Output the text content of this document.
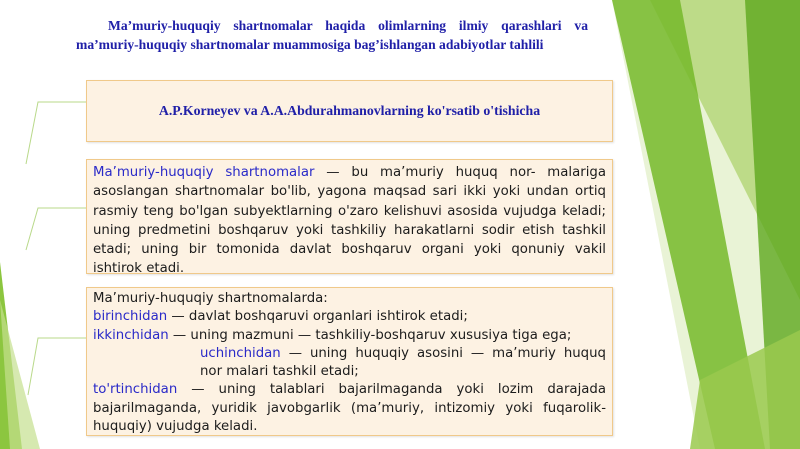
Ma’muriy-huquqiy shartnomalar haqida olimlarning ilmiy qarashlari va ma’muriy-huquqiy shartnomalar muammosiga bag’ishlangan adabiyotlar tahlili

A.P.Korneyev va A.A.Abdurahmanovlarning ko'rsatib o'tishicha

Ma’muriy-huquqiy shartnomalar — bu ma’muriy huquq nor- malariga asoslangan shartnomalar bo'lib, yagona maqsad sari ikki yoki undan ortiq rasmiy teng bo'lgan subyektlarning o'zaro kelishuvi asosida vujudga keladi; uning predmetini boshqaruv yoki tashkiliy harakatlarni sodir etish tashkil etadi; uning bir tomonida davlat boshqaruv organi yoki qonuniy vakil ishtirok etadi.

Ma’muriy-huquqiy shartnomalarda:

birinchidan — davlat boshqaruvi organlari ishtirok etadi;

ikkinchidan — uning mazmuni — tashkiliy-boshqaruv xususiya tiga ega;

uchinchidan — uning huquqiy asosini — ma’muriy huquq nor malari tashkil etadi;

to'rtinchidan — uning talablari bajarilmaganda yoki lozim darajada bajarilmaganda, yuridik javobgarlik (ma’muriy, intizomiy yoki fuqarolik-huquqiy) vujudga keladi.
